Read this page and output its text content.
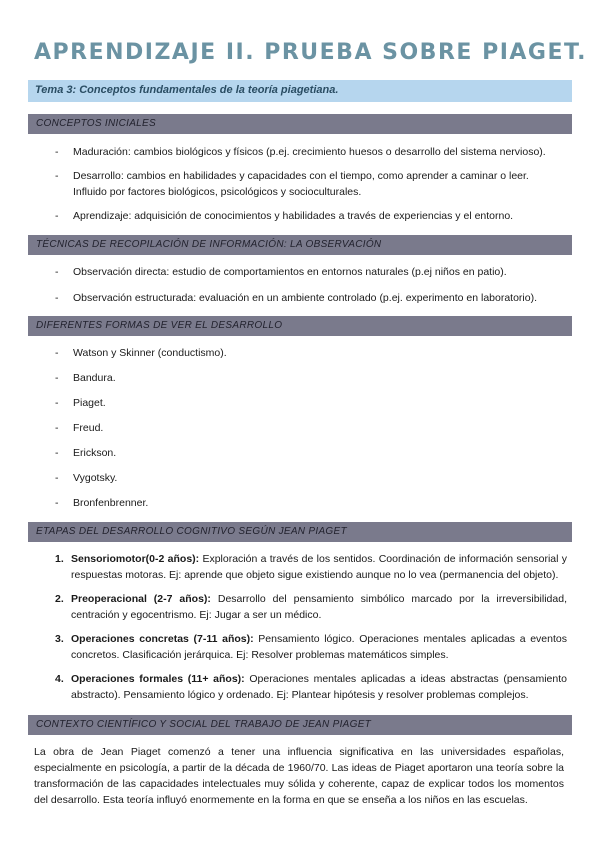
APRENDIZAJE II. PRUEBA SOBRE PIAGET.
Tema 3: Conceptos fundamentales de la teoría piagetiana.
CONCEPTOS INICIALES
- Maduración: cambios biológicos y físicos (p.ej. crecimiento huesos o desarrollo del sistema nervioso).
- Desarrollo: cambios en habilidades y capacidades con el tiempo, como aprender a caminar o leer. Influido por factores biológicos, psicológicos y socioculturales.
- Aprendizaje: adquisición de conocimientos y habilidades a través de experiencias y el entorno.
TÉCNICAS DE RECOPILACIÓN DE INFORMACIÓN: LA OBSERVACIÓN
- Observación directa: estudio de comportamientos en entornos naturales (p.ej niños en patio).
- Observación estructurada: evaluación en un ambiente controlado (p.ej. experimento en laboratorio).
DIFERENTES FORMAS DE VER EL DESARROLLO
- Watson y Skinner (conductismo).
- Bandura.
- Piaget.
- Freud.
- Erickson.
- Vygotsky.
- Bronfenbrenner.
ETAPAS DEL DESARROLLO COGNITIVO SEGÚN JEAN PIAGET
1. Sensoriomotor(0-2 años): Exploración a través de los sentidos. Coordinación de información sensorial y respuestas motoras. Ej: aprende que objeto sigue existiendo aunque no lo vea (permanencia del objeto).
2. Preoperacional (2-7 años): Desarrollo del pensamiento simbólico marcado por la irreversibilidad, centración y egocentrismo. Ej: Jugar a ser un médico.
3. Operaciones concretas (7-11 años): Pensamiento lógico. Operaciones mentales aplicadas a eventos concretos. Clasificación jerárquica. Ej: Resolver problemas matemáticos simples.
4. Operaciones formales (11+ años): Operaciones mentales aplicadas a ideas abstractas (pensamiento abstracto). Pensamiento lógico y ordenado. Ej: Plantear hipótesis y resolver problemas complejos.
CONTEXTO CIENTÍFICO Y SOCIAL DEL TRABAJO DE JEAN PIAGET
La obra de Jean Piaget comenzó a tener una influencia significativa en las universidades españolas, especialmente en psicología, a partir de la década de 1960/70. Las ideas de Piaget aportaron una teoría sobre la transformación de las capacidades intelectuales muy sólida y coherente, capaz de explicar todos los momentos del desarrollo. Esta teoría influyó enormemente en la forma en que se enseña a los niños en las escuelas.
